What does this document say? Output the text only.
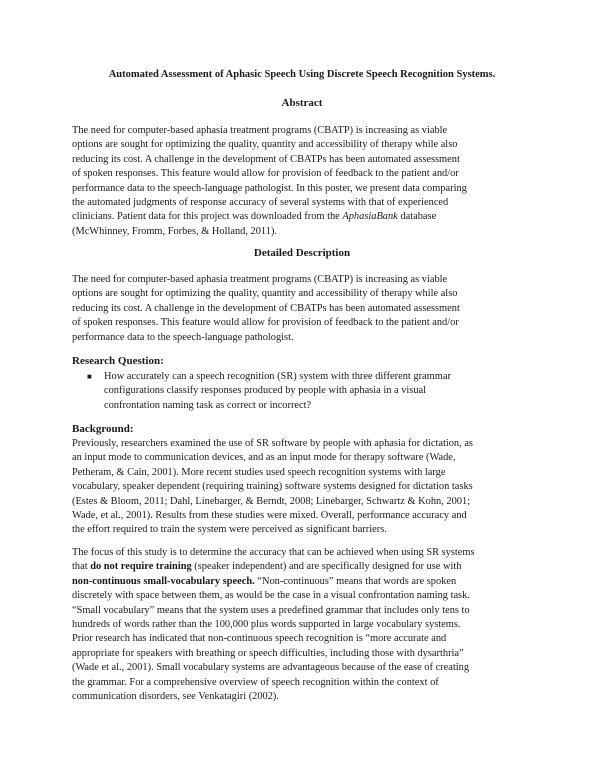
Automated Assessment of Aphasic Speech Using Discrete Speech Recognition Systems.
Abstract
The need for computer-based aphasia treatment programs (CBATP) is increasing as viable
options are sought for optimizing the quality, quantity and accessibility of therapy while also
reducing its cost. A challenge in the development of CBATPs has been automated assessment
of spoken responses. This feature would allow for provision of feedback to the patient and/or
performance data to the speech-language pathologist. In this poster, we present data comparing
the automated judgments of response accuracy of several systems with that of experienced
clinicians. Patient data for this project was downloaded from the AphasiaBank database
(McWhinney, Fromm, Forbes, & Holland, 2011).
Detailed Description
The need for computer-based aphasia treatment programs (CBATP) is increasing as viable
options are sought for optimizing the quality, quantity and accessibility of therapy while also
reducing its cost. A challenge in the development of CBATPs has been automated assessment
of spoken responses. This feature would allow for provision of feedback to the patient and/or
performance data to the speech-language pathologist.
Research Question:
■ How accurately can a speech recognition (SR) system with three different grammar
configurations classify responses produced by people with aphasia in a visual
confrontation naming task as correct or incorrect?
Background:
Previously, researchers examined the use of SR software by people with aphasia for dictation, as
an input mode to communication devices, and as an input mode for therapy software (Wade,
Petheram, & Cain, 2001). More recent studies used speech recognition systems with large
vocabulary, speaker dependent (requiring training) software systems designed for dictation tasks
(Estes & Bloom, 2011; Dahl, Linebarger, & Berndt, 2008; Linebarger, Schwartz & Kohn, 2001;
Wade, et al., 2001). Results from these studies were mixed. Overall, performance accuracy and
the effort required to train the system were perceived as significant barriers.
The focus of this study is to determine the accuracy that can be achieved when using SR systems
that do not require training (speaker independent) and are specifically designed for use with
non-continuous small-vocabulary speech. “Non-continuous” means that words are spoken
discretely with space between them, as would be the case in a visual confrontation naming task.
“Small vocabulary” means that the system uses a predefined grammar that includes only tens to
hundreds of words rather than the 100,000 plus words supported in large vocabulary systems.
Prior research has indicated that non-continuous speech recognition is “more accurate and
appropriate for speakers with breathing or speech difficulties, including those with dysarthria”
(Wade et al., 2001). Small vocabulary systems are advantageous because of the ease of creating
the grammar. For a comprehensive overview of speech recognition within the context of
communication disorders, see Venkatagiri (2002).
